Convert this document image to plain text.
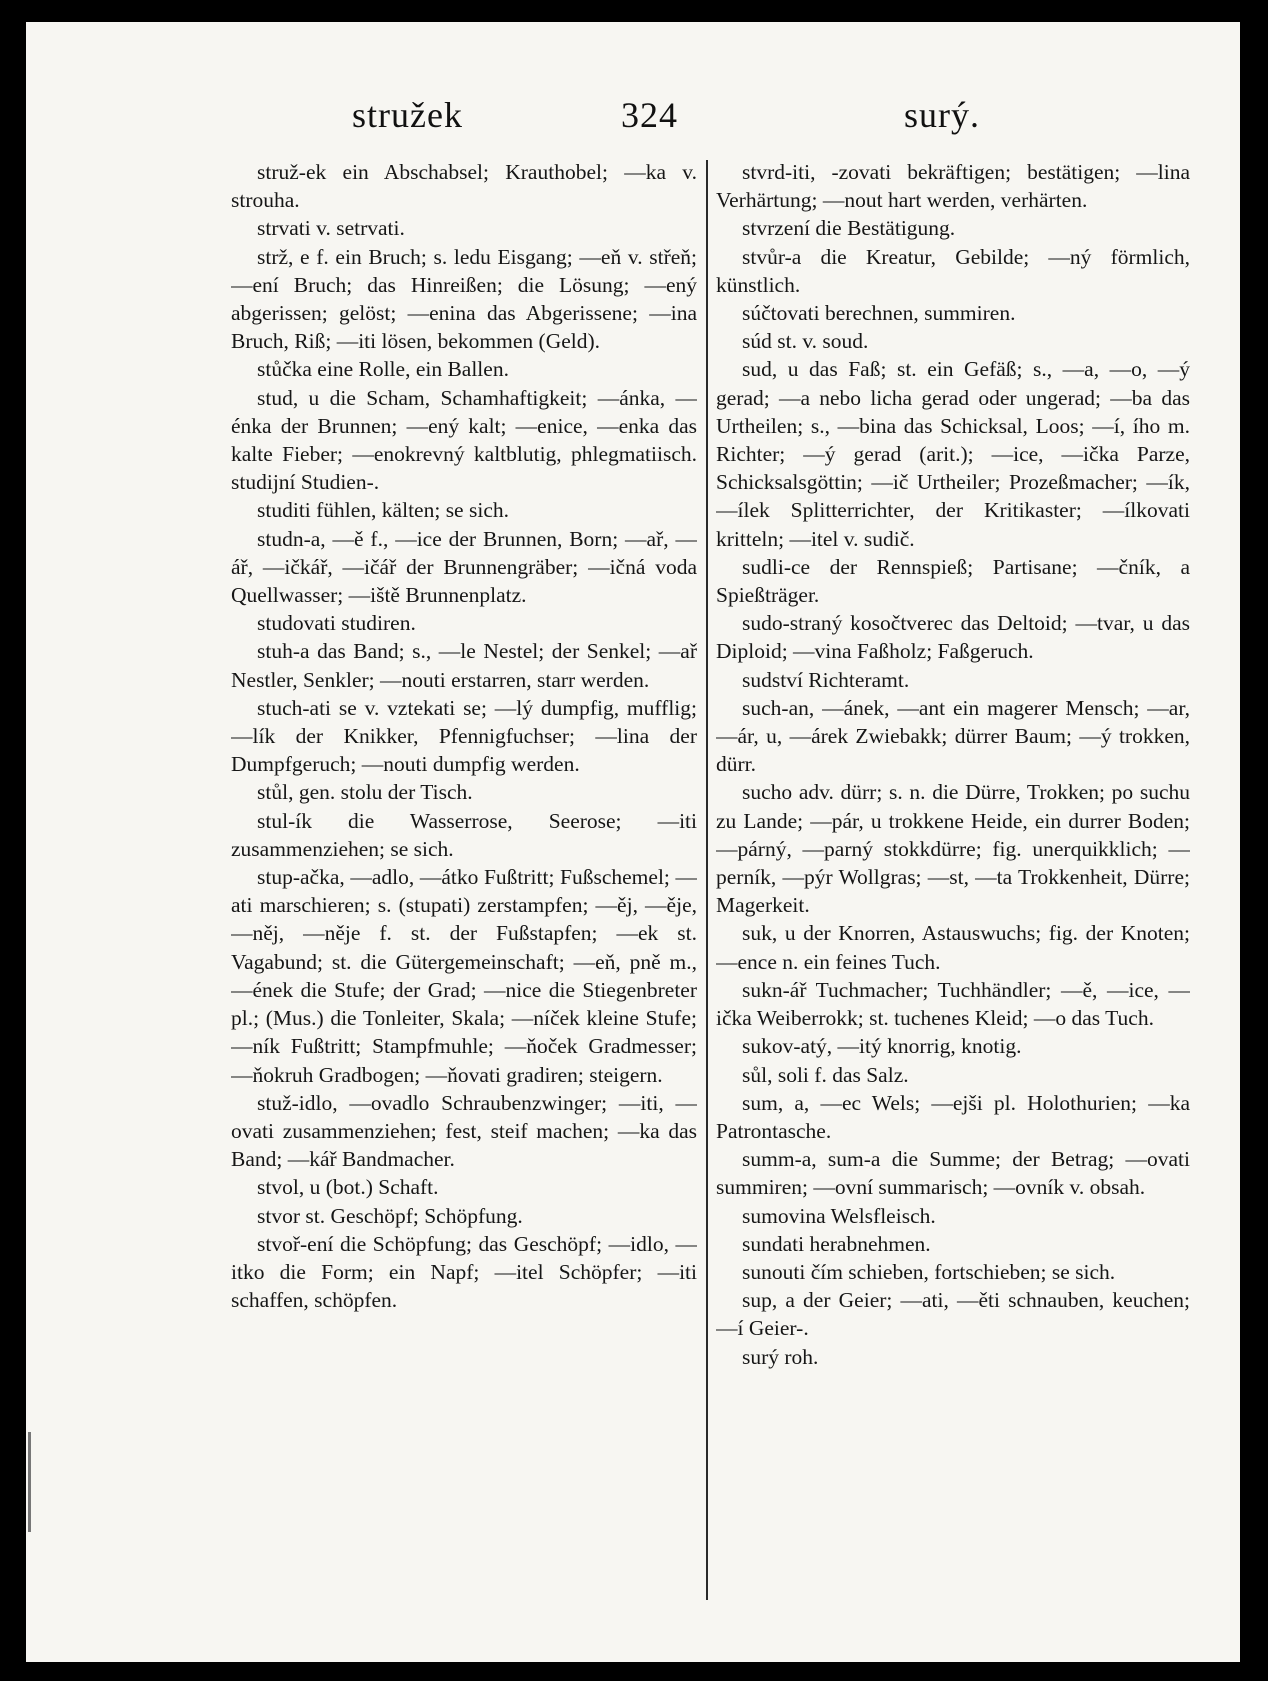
stružek	324	surý.

struž-ek ein Abschabsel; Krauthobel; —ka v. strouha.

strvati v. setrvati.

strž, e f. ein Bruch; s. ledu Eisgang; —eň v. střeň; —ení Bruch; das Hinreißen; die Lösung; —ený abgerissen; gelöst; —enina das Abgerissene; —ina Bruch, Riß; —iti lösen, bekommen (Geld).

stůčka eine Rolle, ein Ballen.

stud, u die Scham, Schamhaftigkeit; —ánka, —énka der Brunnen; —ený kalt; —enice, —enka das kalte Fieber; —enokrevný kaltblutig, phlegmatiisch. studijní Studien-.

studiti fühlen, kälten; se sich.

studn-a, —ě f., —ice der Brunnen, Born; —ař, —ář, —ičkář, —ičář der Brunnengräber; —ičná voda Quellwasser; —iště Brunnenplatz.

studovati studiren.

stuh-a das Band; s., —le Nestel; der Senkel; —ař Nestler, Senkler; —nouti erstarren, starr werden.

stuch-ati se v. vztekati se; —lý dumpfig, mufflig; —lík der Knikker, Pfennigfuchser; —lina der Dumpfgeruch; —nouti dumpfig werden.

stůl, gen. stolu der Tisch.

stul-ík die Wasserrose, Seerose; —iti zusammenziehen; se sich.

stup-ačka, —adlo, —átko Fußtritt; Fußschemel; —ati marschieren; s. (stupati) zerstampfen; —ěj, —ěje, —něj, —něje f. st. der Fußstapfen; —ek st. Vagabund; st. die Gütergemeinschaft; —eň, pně m., —ének die Stufe; der Grad; —nice die Stiegenbreter pl.; (Mus.) die Tonleiter, Skala; —níček kleine Stufe; —ník Fußtritt; Stampfmuhle; —ňoček Gradmesser; —ňokruh Gradbogen; —ňovati gradiren; steigern.

stuž-idlo, —ovadlo Schraubenzwinger; —iti, —ovati zusammenziehen; fest, steif machen; —ka das Band; —kář Bandmacher.

stvol, u (bot.) Schaft.

stvor st. Geschöpf; Schöpfung.

stvoř-ení die Schöpfung; das Geschöpf; —idlo, —itko die Form; ein Napf; —itel Schöpfer; —iti schaffen, schöpfen.

stvrd-iti, -zovati bekräftigen; bestätigen; —lina Verhärtung; —nout hart werden, verhärten.

stvrzení die Bestätigung.

stvůr-a die Kreatur, Gebilde; —ný förmlich, künstlich.

súčtovati berechnen, summiren.

súd st. v. soud.

sud, u das Faß; st. ein Gefäß; s., —a, —o, —ý gerad; —a nebo licha gerad oder ungerad; —ba das Urtheilen; s., —bina das Schicksal, Loos; —í, ího m. Richter; —ý gerad (arit.); —ice, —ička Parze, Schicksalsgöttin; —ič Urtheiler; Prozeßmacher; —ík, —ílek Splitterrichter, der Kritikaster; —ílkovati kritteln; —itel v. sudič.

sudli-ce der Rennspieß; Partisane; —čník, a Spießträger.

sudo-straný kosočtverec das Deltoid; —tvar, u das Diploid; —vina Faßholz; Faßgeruch.

sudství Richteramt.

such-an, —ánek, —ant ein magerer Mensch; —ar, —ár, u, —árek Zwiebakk; dürrer Baum; —ý trokken, dürr.

sucho adv. dürr; s. n. die Dürre, Trokken; po suchu zu Lande; —pár, u trokkene Heide, ein durrer Boden; —párný, —parný stokkdürre; fig. unerquikklich; —perník, —pýr Wollgras; —st, —ta Trokkenheit, Dürre; Magerkeit.

suk, u der Knorren, Astauswuchs; fig. der Knoten; —ence n. ein feines Tuch.

sukn-ář Tuchmacher; Tuchhändler; —ě, —ice, —ička Weiberrokk; st. tuchenes Kleid; —o das Tuch.

sukov-atý, —itý knorrig, knotig.

sůl, soli f. das Salz.

sum, a, —ec Wels; —ejši pl. Holothurien; —ka Patrontasche.

summ-a, sum-a die Summe; der Betrag; —ovati summiren; —ovní summarisch; —ovník v. obsah.

sumovina Welsfleisch.

sundati herabnehmen.

sunouti čím schieben, fortschieben; se sich.

sup, a der Geier; —ati, —ěti schnauben, keuchen; —í Geier-.

surý roh.
